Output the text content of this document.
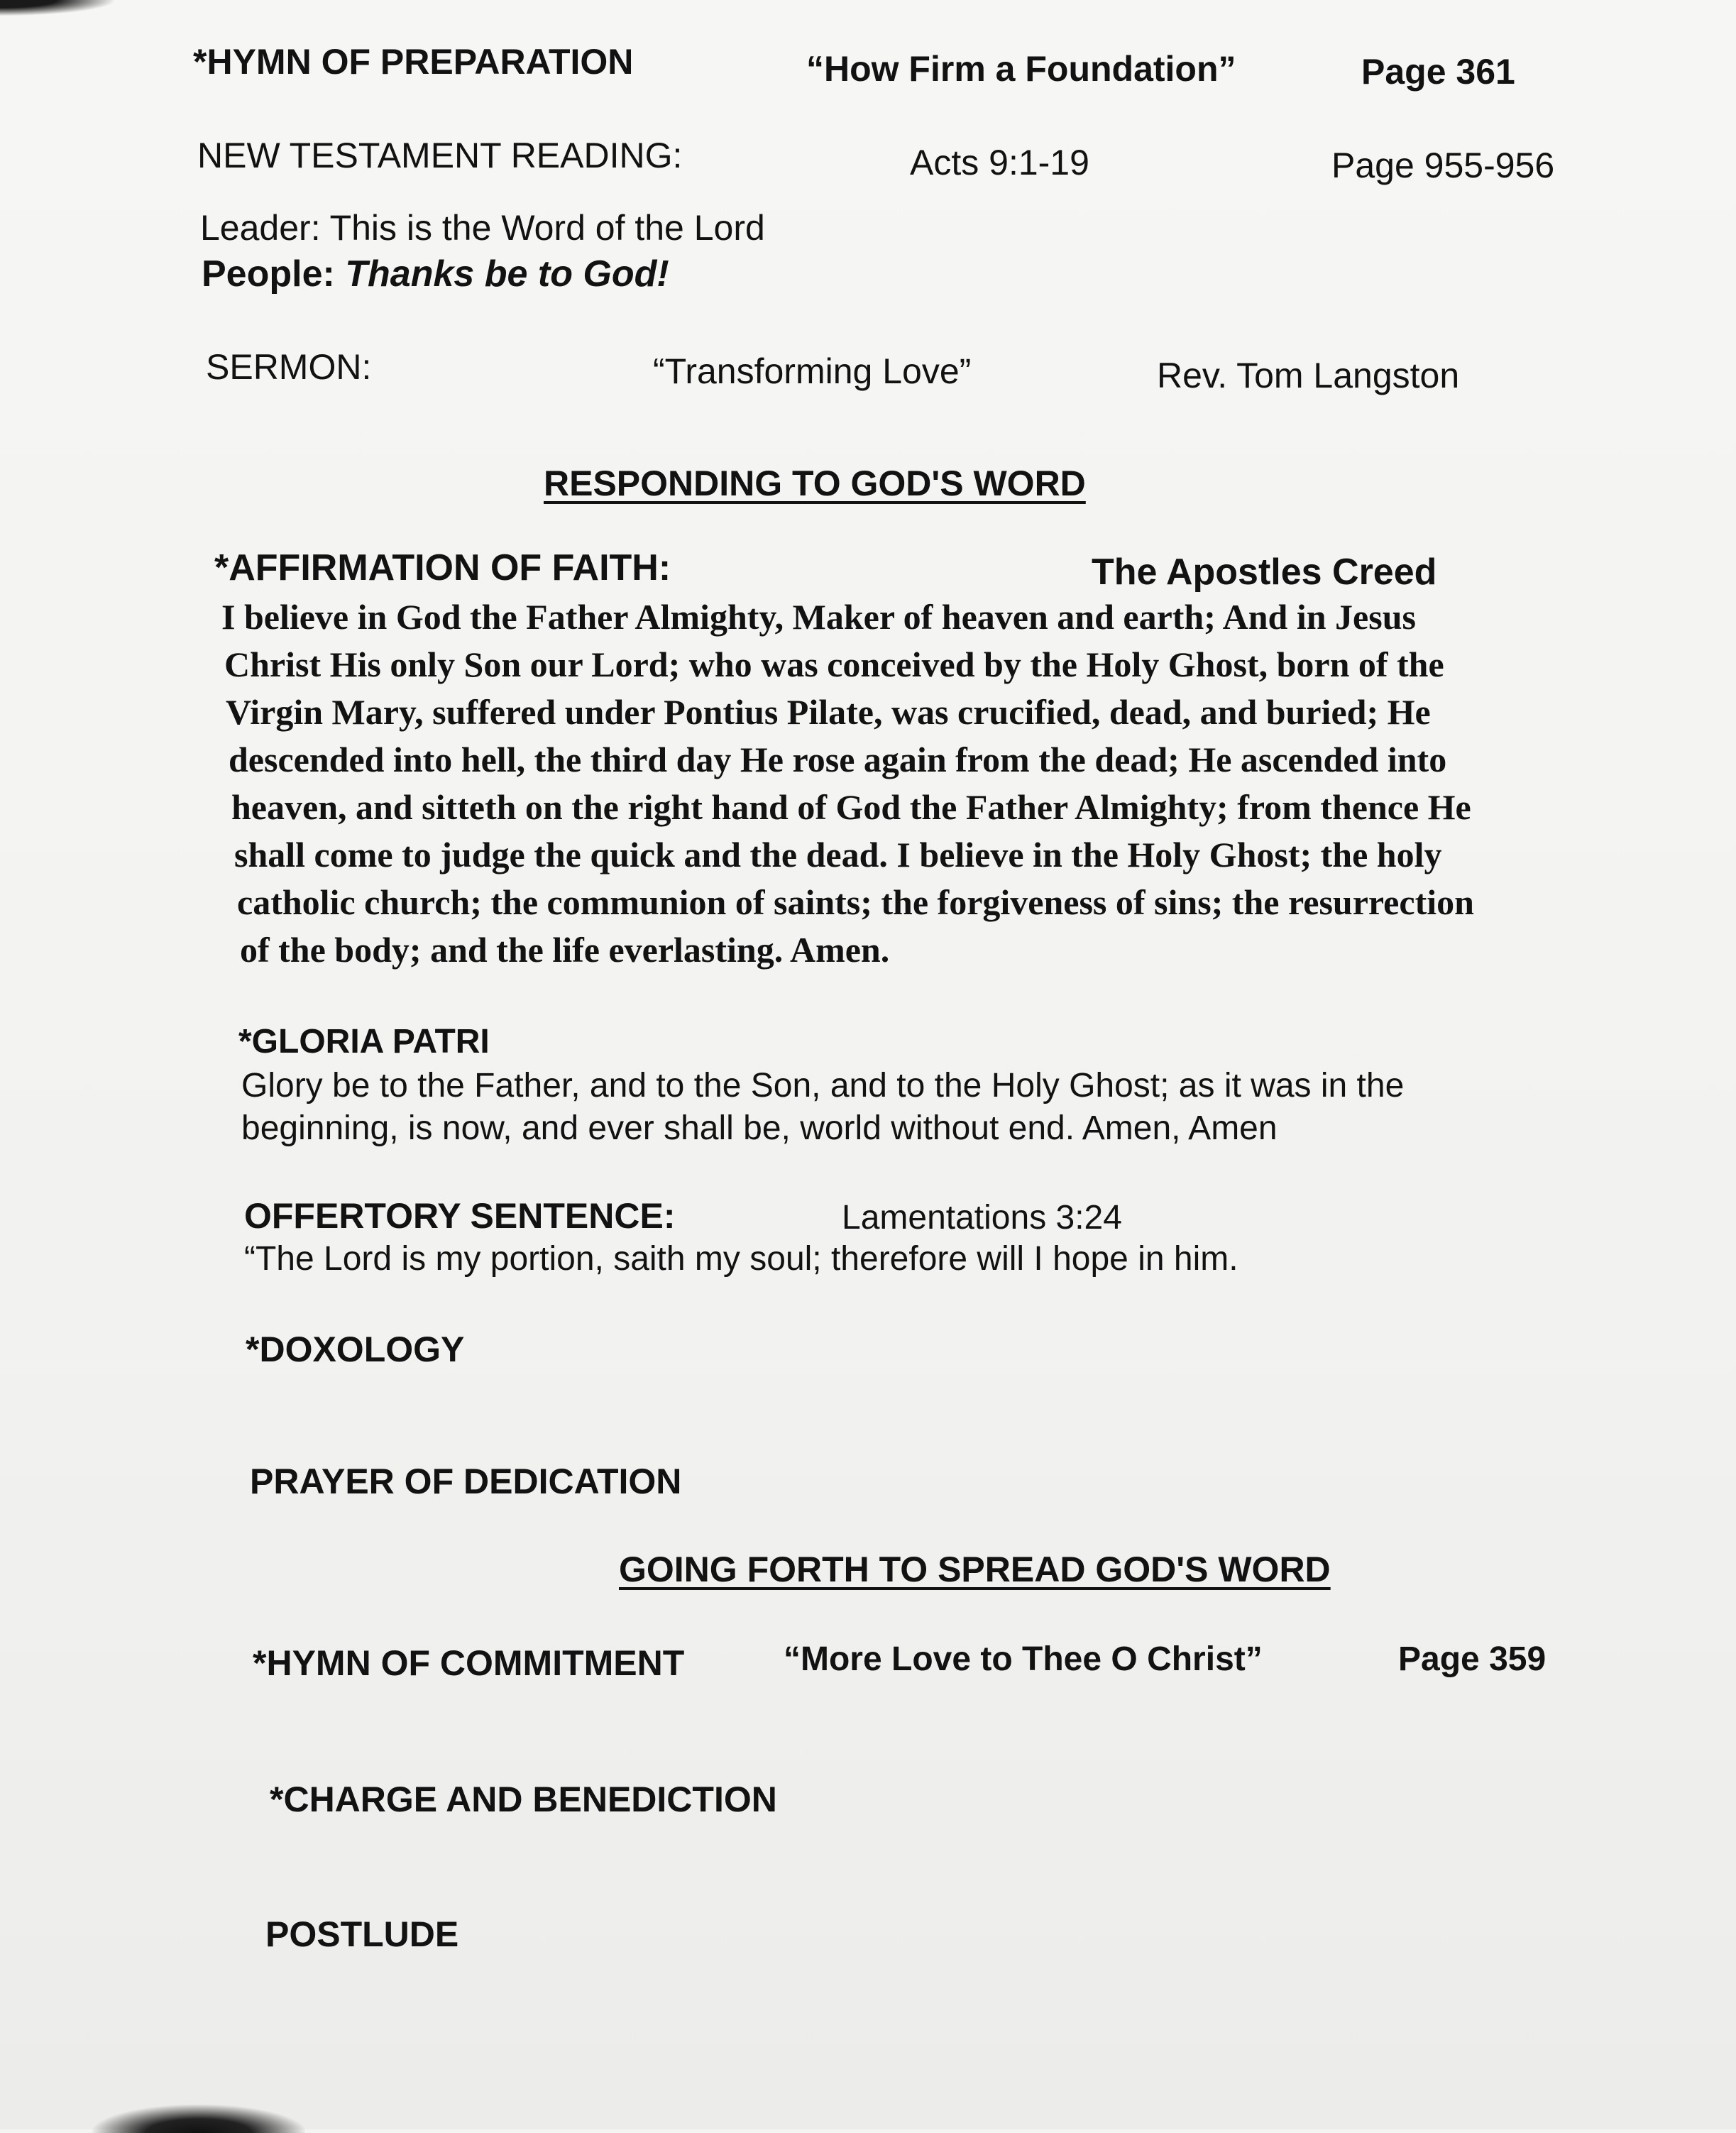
*HYMN OF PREPARATION	“How Firm a Foundation”	Page 361
NEW TESTAMENT READING:	Acts 9:1-19	Page 955-956
Leader: This is the Word of the Lord
People: Thanks be to God!
SERMON:	“Transforming Love”	Rev. Tom Langston
RESPONDING TO GOD'S WORD
*AFFIRMATION OF FAITH:	The Apostles Creed
I believe in God the Father Almighty, Maker of heaven and earth; And in Jesus
Christ His only Son our Lord; who was conceived by the Holy Ghost, born of the
Virgin Mary, suffered under Pontius Pilate, was crucified, dead, and buried; He
descended into hell, the third day He rose again from the dead; He ascended into
heaven, and sitteth on the right hand of God the Father Almighty; from thence He
shall come to judge the quick and the dead. I believe in the Holy Ghost; the holy
catholic church; the communion of saints; the forgiveness of sins; the resurrection
of the body; and the life everlasting. Amen.
*GLORIA PATRI
Glory be to the Father, and to the Son, and to the Holy Ghost; as it was in the
beginning, is now, and ever shall be, world without end. Amen, Amen
OFFERTORY SENTENCE:	Lamentations 3:24
“The Lord is my portion, saith my soul; therefore will I hope in him.
*DOXOLOGY
PRAYER OF DEDICATION
GOING FORTH TO SPREAD GOD'S WORD
*HYMN OF COMMITMENT	“More Love to Thee O Christ”	Page 359
*CHARGE AND BENEDICTION
POSTLUDE
